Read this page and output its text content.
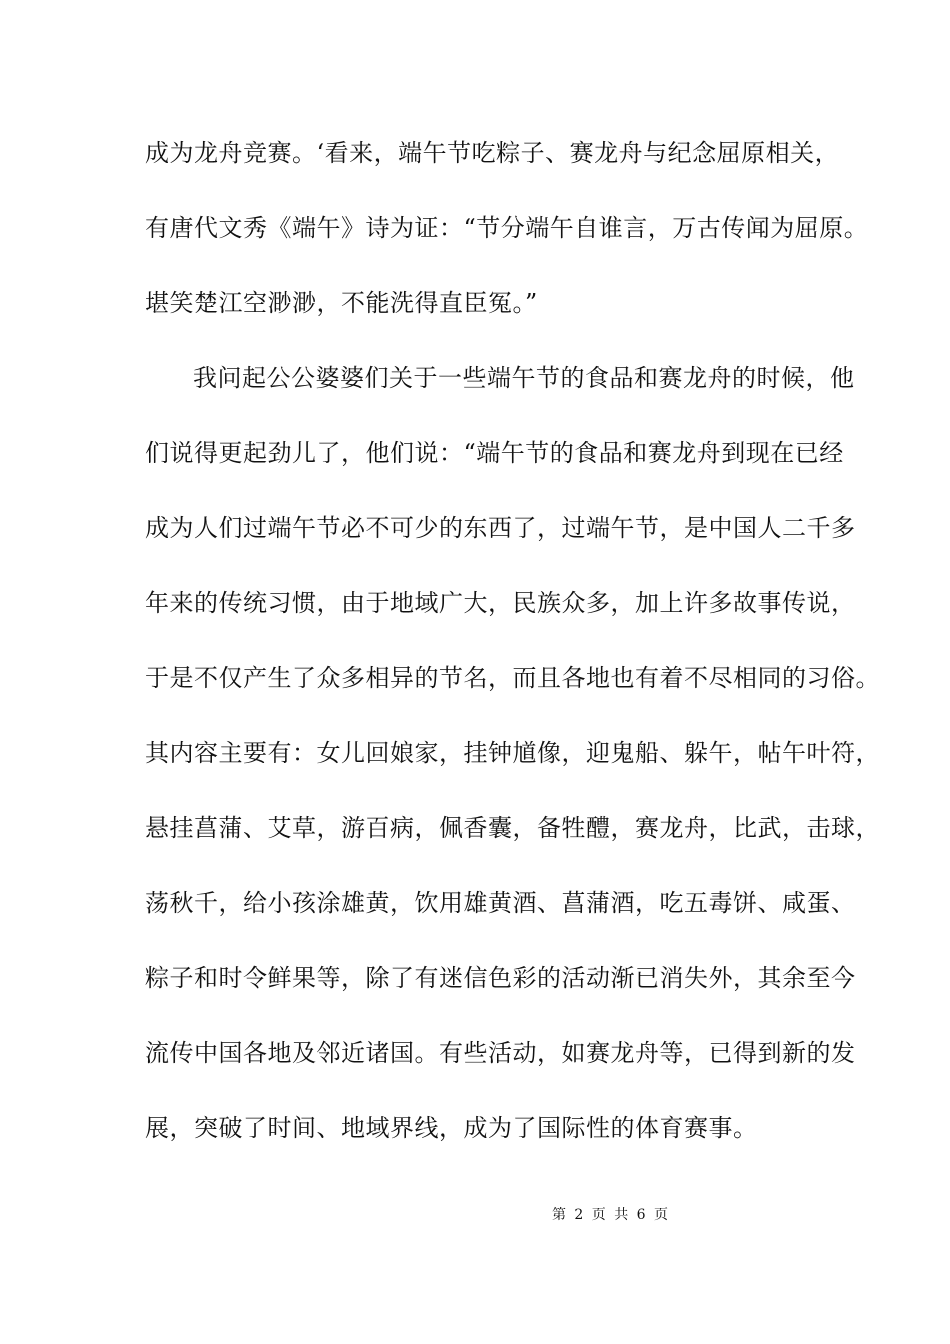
成为龙舟竞赛。‘看来，端午节吃粽子、赛龙舟与纪念屈原相关，
有唐代文秀《端午》诗为证：“节分端午自谁言，万古传闻为屈原。
堪笑楚江空渺渺，不能洗得直臣冤。”
我问起公公婆婆们关于一些端午节的食品和赛龙舟的时候，他
们说得更起劲儿了，他们说：“端午节的食品和赛龙舟到现在已经
成为人们过端午节必不可少的东西了，过端午节，是中国人二千多
年来的传统习惯，由于地域广大，民族众多，加上许多故事传说，
于是不仅产生了众多相异的节名，而且各地也有着不尽相同的习俗。
其内容主要有：女儿回娘家，挂钟馗像，迎鬼船、躲午，帖午叶符，
悬挂菖蒲、艾草，游百病，佩香囊，备牲醴，赛龙舟，比武，击球，
荡秋千，给小孩涂雄黄，饮用雄黄酒、菖蒲酒，吃五毒饼、咸蛋、
粽子和时令鲜果等，除了有迷信色彩的活动渐已消失外，其余至今
流传中国各地及邻近诸国。有些活动，如赛龙舟等，已得到新的发
展，突破了时间、地域界线，成为了国际性的体育赛事。
第 2 页 共 6 页
